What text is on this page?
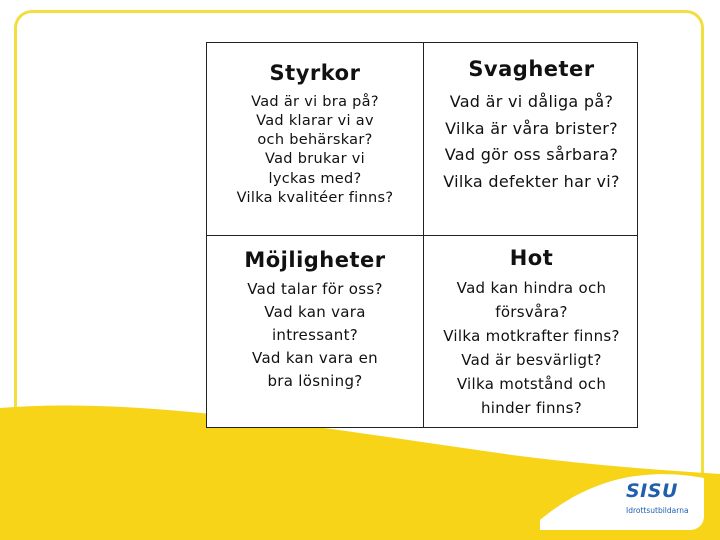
Styrkor
Vad är vi bra på?
Vad klarar vi av
och behärskar?
Vad brukar vi
lyckas med?
Vilka kvalitéer finns?
Svagheter
Vad är vi dåliga på?
Vilka är våra brister?
Vad gör oss sårbara?
Vilka defekter har vi?
Möjligheter
Vad talar för oss?
Vad kan vara
intressant?
Vad kan vara en
bra lösning?
Hot
Vad kan hindra och
försvåra?
Vilka motkrafter finns?
Vad är besvärligt?
Vilka motstånd och
hinder finns?
SISU
Idrottsutbildarna
